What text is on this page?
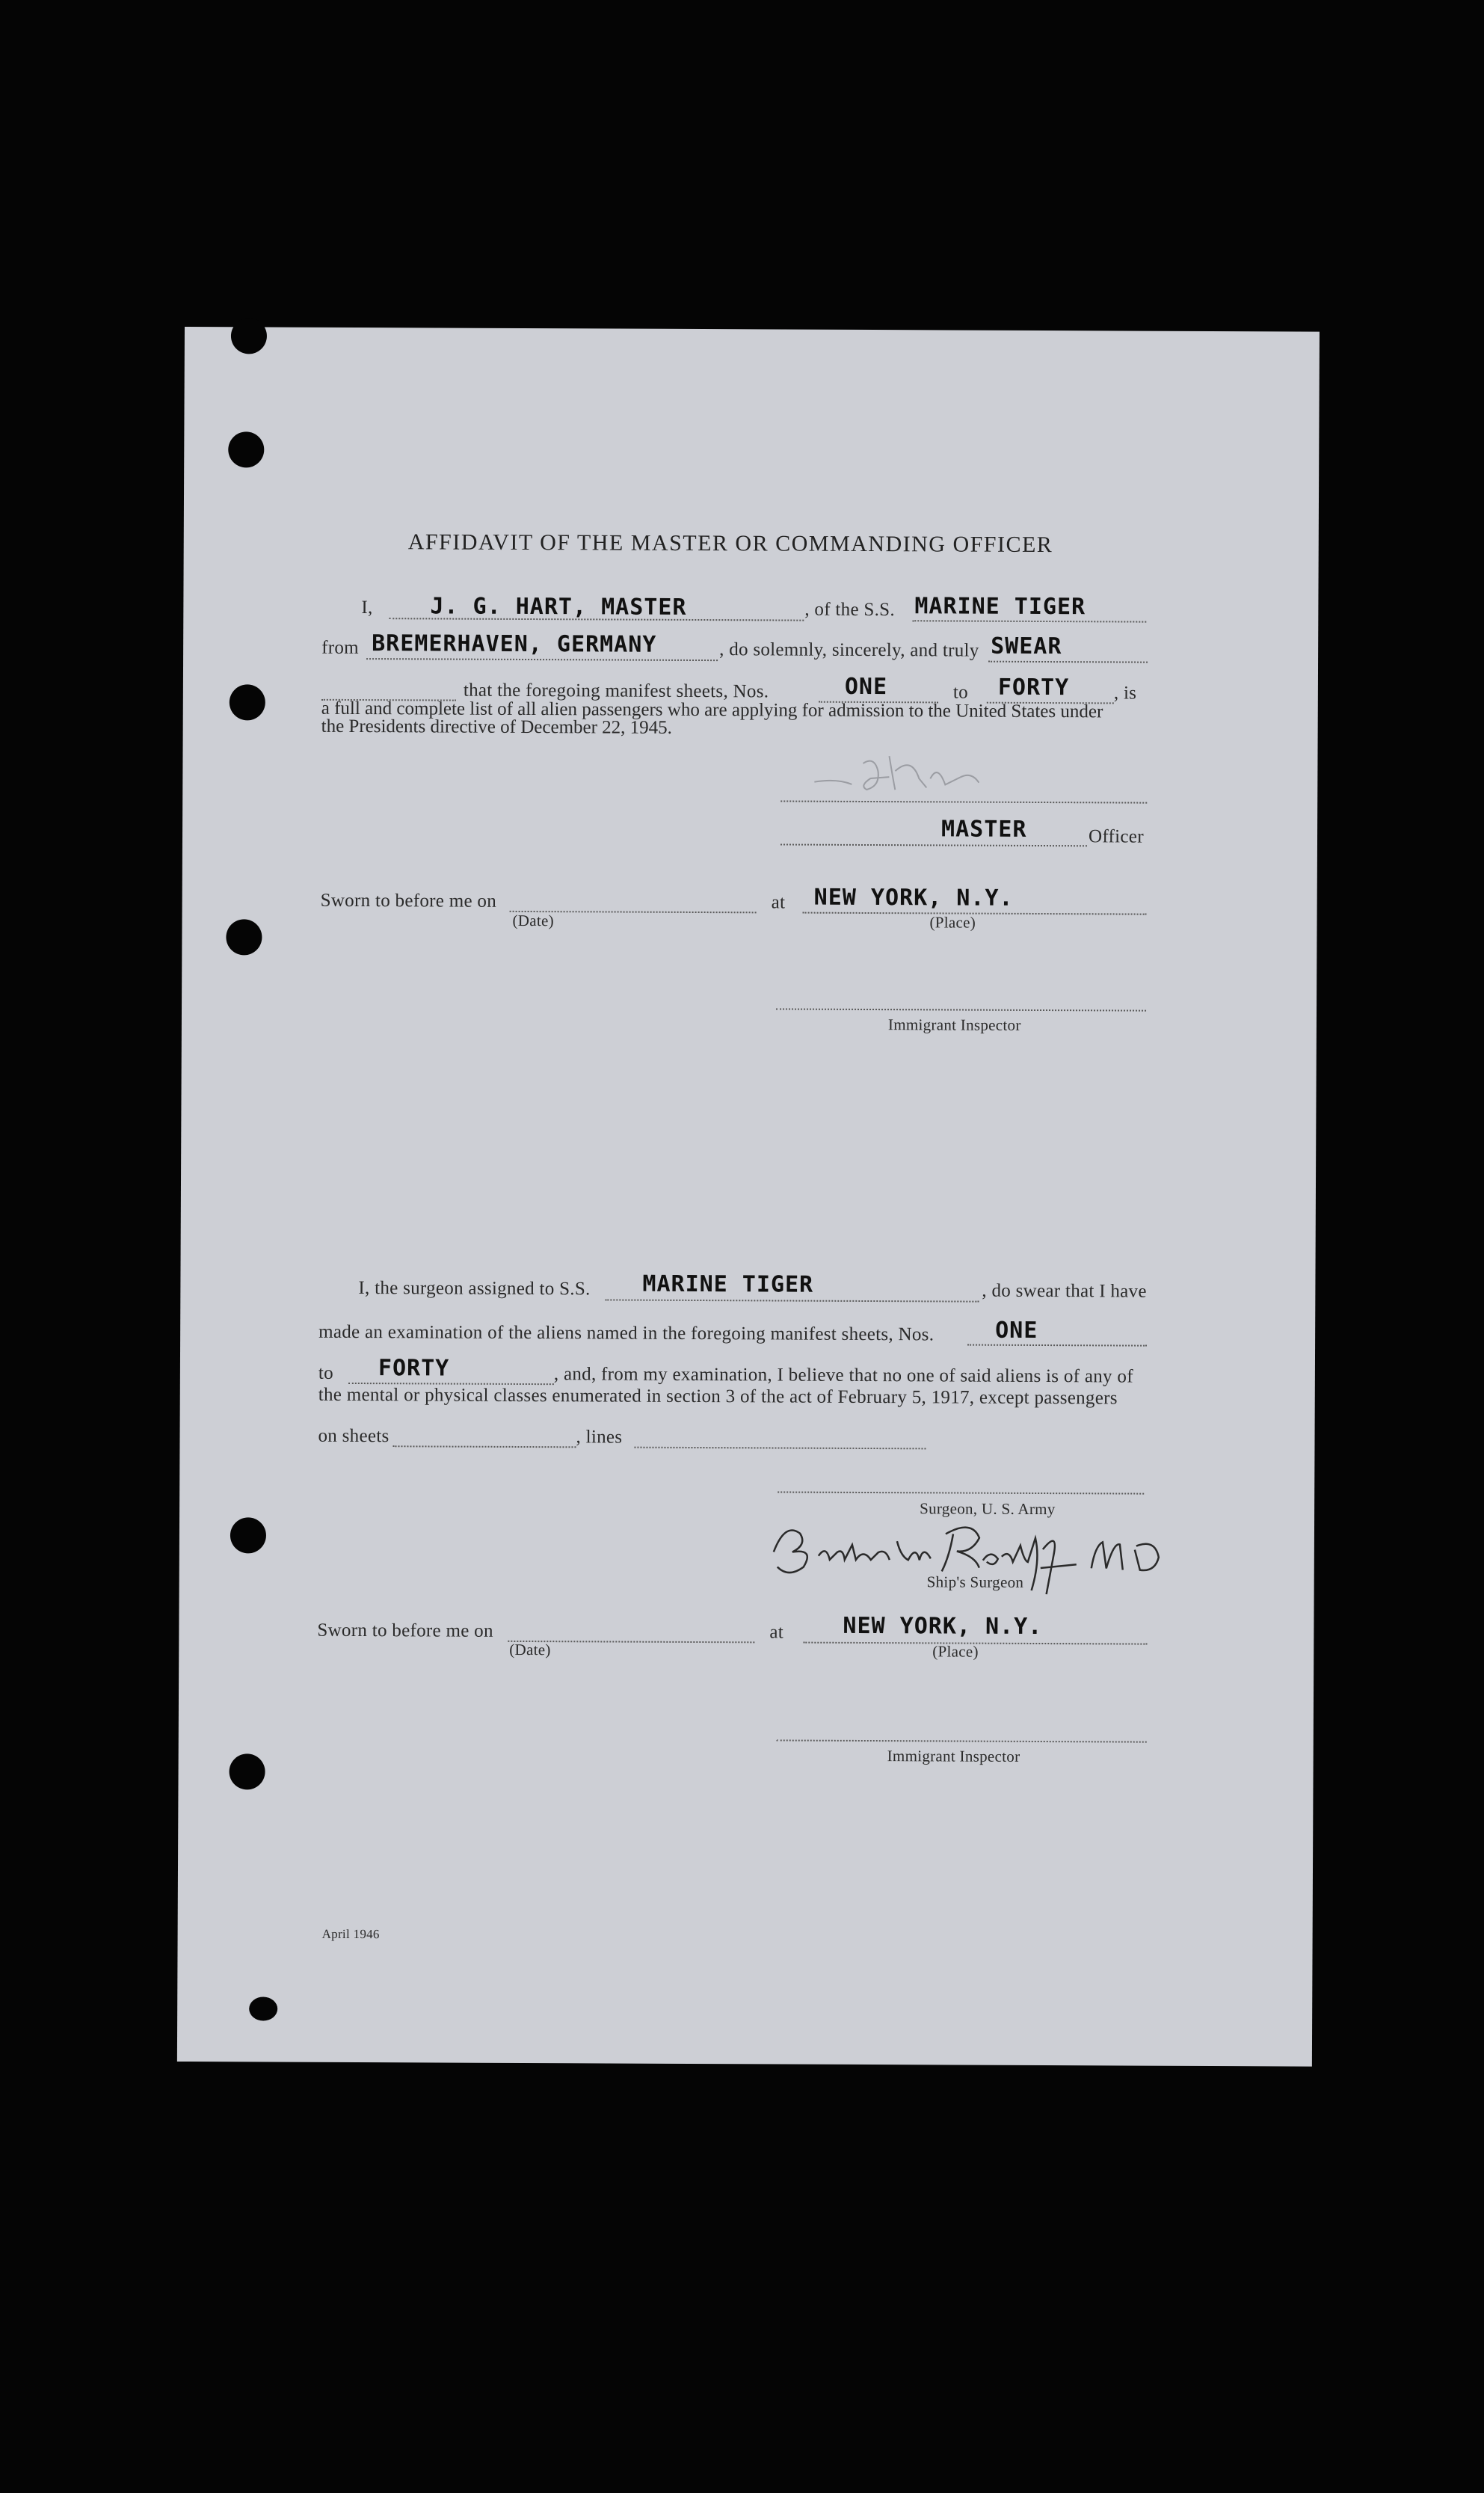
AFFIDAVIT OF THE MASTER OR COMMANDING OFFICER
I,	J. G. HART, MASTER	, of the S.S. MARINE TIGER
from BREMERHAVEN, GERMANY	, do solemnly, sincerely, and truly SWEAR
that the foregoing manifest sheets, Nos.	ONE	to FORTY , is
a full and complete list of all alien passengers who are applying for admission to the United States under
the Presidents directive of December 22, 1945.
MASTER	Officer
Sworn to before me on
(Date)
at NEW YORK, N.Y.
(Place)
Immigrant Inspector
I, the surgeon assigned to S.S. MARINE TIGER	, do swear that I have
made an examination of the aliens named in the foregoing manifest sheets, Nos.	ONE
to FORTY	, and, from my examination, I believe that no one of said aliens is of any of
the mental or physical classes enumerated in section 3 of the act of February 5, 1917, except passengers
on sheets	, lines
Surgeon, U. S. Army
Ship's Surgeon
Sworn to before me on
(Date)
at	NEW YORK, N.Y.
(Place)
Immigrant Inspector
April 1946
